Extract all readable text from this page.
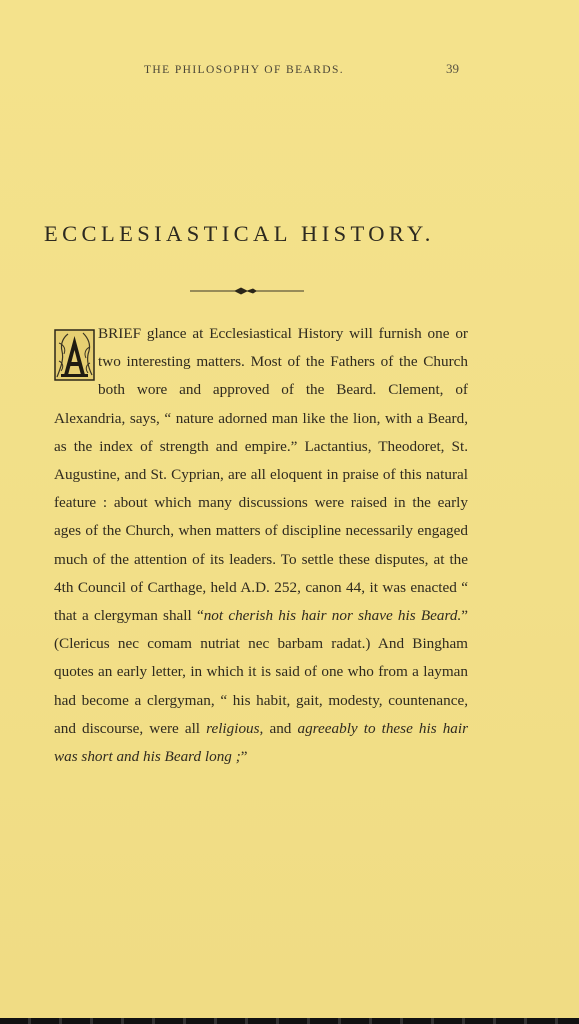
THE PHILOSOPHY OF BEARDS.	39
ECCLESIASTICAL HISTORY.

BRIEF glance at Ecclesiastical History will furnish one or two interesting matters. Most of the Fathers of the Church both wore and approved of the Beard. Clement, of Alexandria, says, “ nature adorned man like the lion, with a Beard, as the index of strength and empire.” Lactantius, Theodoret, St. Augustine, and St. Cyprian, are all eloquent in praise of this natural feature : about which many discussions were raised in the early ages of the Church, when matters of discipline necessarily engaged much of the attention of its leaders. To settle these disputes, at the 4th Council of Carthage, held A.D. 252, canon 44, it was enacted “ that a clergyman shall “not cherish his hair nor shave his Beard.” (Clericus nec comam nutriat nec barbam radat.) And Bingham quotes an early letter, in which it is said of one who from a layman had become a clergyman, “ his habit, gait, modesty, countenance, and discourse, were all religious, and agreeably to these his hair was short and his Beard long ;”
